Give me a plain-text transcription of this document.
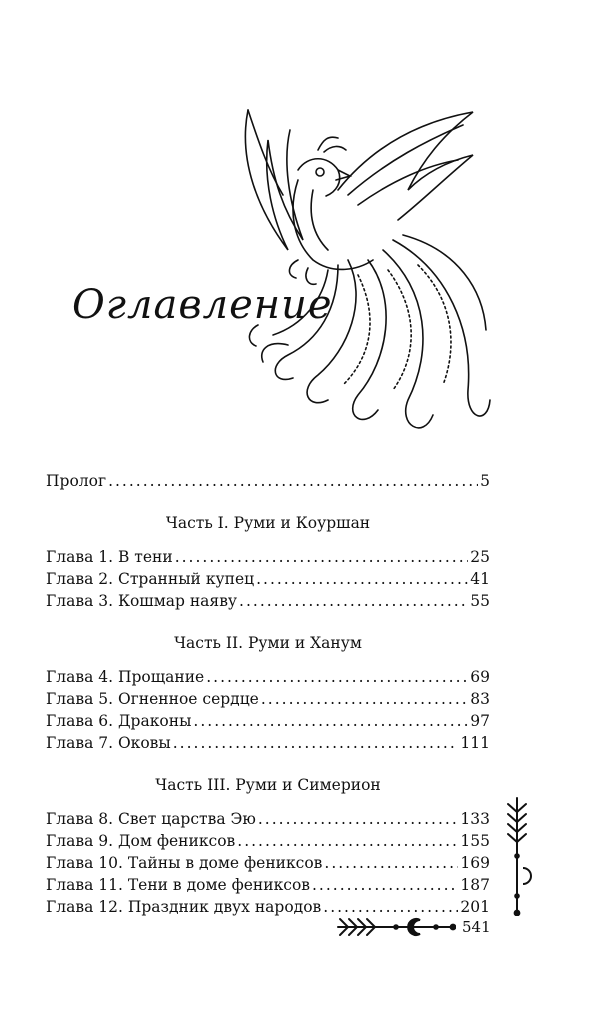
Оглавление
Пролог .....	5
Часть I. Руми и Коуршан
Глава 1. В тени .....	25
Глава 2. Странный купец .....	41
Глава 3. Кошмар наяву .....	55
Часть II. Руми и Ханум
Глава 4. Прощание .....	69
Глава 5. Огненное сердце .....	83
Глава 6. Драконы .....	97
Глава 7. Оковы .....	111
Часть III. Руми и Симерион
Глава 8. Свет царства Эю .....	133
Глава 9. Дом фениксов .....	155
Глава 10. Тайны в доме фениксов .....	169
Глава 11. Тени в доме фениксов .....	187
Глава 12. Праздник двух народов .....	201
541
